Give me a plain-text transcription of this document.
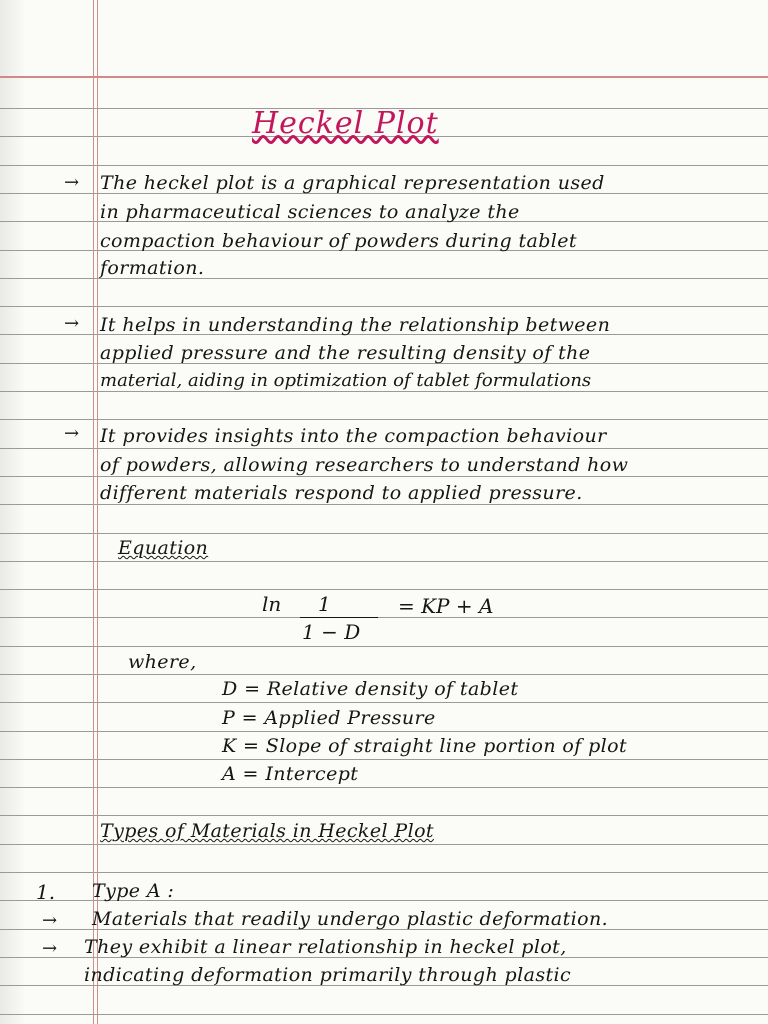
Heckel Plot
→ The heckel plot is a graphical representation used
in pharmaceutical sciences to analyze the
compaction behaviour of powders during tablet
formation.
→ It helps in understanding the relationship between
applied pressure and the resulting density of the
material, aiding in optimization of tablet formulations
→ It provides insights into the compaction behaviour
of powders, allowing researchers to understand how
different materials respond to applied pressure.
Equation
ln 1
1 − D
= KP + A
where,
D = Relative density of tablet
P = Applied Pressure
K = Slope of straight line portion of plot
A = Intercept
Types of Materials in Heckel Plot
1. Type A :
→ Materials that readily undergo plastic deformation.
→ They exhibit a linear relationship in heckel plot,
indicating deformation primarily through plastic
